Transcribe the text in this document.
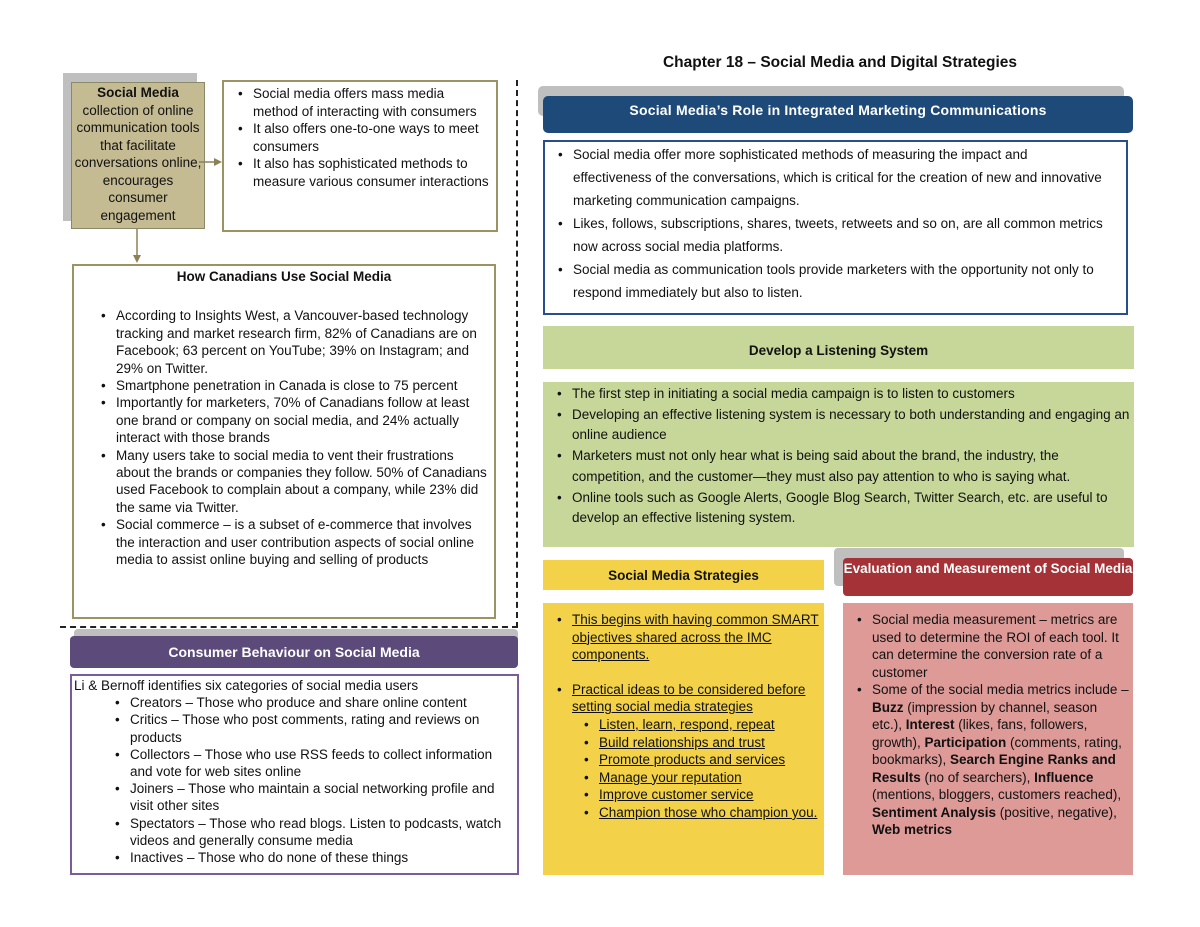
Chapter 18 – Social Media and Digital Strategies
Social Media
collection of online communication tools that facilitate conversations online, encourages consumer engagement
• Social media offers mass media method of interacting with consumers
• It also offers one-to-one ways to meet consumers
• It also has sophisticated methods to measure various consumer interactions
How Canadians Use Social Media
• According to Insights West, a Vancouver-based technology tracking and market research firm, 82% of Canadians are on Facebook; 63 percent on YouTube; 39% on Instagram; and 29% on Twitter.
• Smartphone penetration in Canada is close to 75 percent
• Importantly for marketers, 70% of Canadians follow at least one brand or company on social media, and 24% actually interact with those brands
• Many users take to social media to vent their frustrations about the brands or companies they follow. 50% of Canadians used Facebook to complain about a company, while 23% did the same via Twitter.
• Social commerce – is a subset of e-commerce that involves the interaction and user contribution aspects of social online media to assist online buying and selling of products
Consumer Behaviour on Social Media
Li & Bernoff identifies six categories of social media users
• Creators – Those who produce and share online content
• Critics – Those who post comments, rating and reviews on products
• Collectors – Those who use RSS feeds to collect information and vote for web sites online
• Joiners – Those who maintain a social networking profile and visit other sites
• Spectators – Those who read blogs. Listen to podcasts, watch videos and generally consume media
• Inactives – Those who do none of these things
Social Media’s Role in Integrated Marketing Communications
• Social media offer more sophisticated methods of measuring the impact and effectiveness of the conversations, which is critical for the creation of new and innovative marketing communication campaigns.
• Likes, follows, subscriptions, shares, tweets, retweets and so on, are all common metrics now across social media platforms.
• Social media as communication tools provide marketers with the opportunity not only to respond immediately but also to listen.
Develop a Listening System
• The first step in initiating a social media campaign is to listen to customers
• Developing an effective listening system is necessary to both understanding and engaging an online audience
• Marketers must not only hear what is being said about the brand, the industry, the competition, and the customer—they must also pay attention to who is saying what.
• Online tools such as Google Alerts, Google Blog Search, Twitter Search, etc. are useful to develop an effective listening system.
Social Media Strategies
• This begins with having common SMART objectives shared across the IMC components.
• Practical ideas to be considered before setting social media strategies
• Listen, learn, respond, repeat
• Build relationships and trust
• Promote products and services
• Manage your reputation
• Improve customer service
• Champion those who champion you.
Evaluation and Measurement of Social Media
• Social media measurement – metrics are used to determine the ROI of each tool. It can determine the conversion rate of a customer
• Some of the social media metrics include – Buzz (impression by channel, season etc.), Interest (likes, fans, followers, growth), Participation (comments, rating, bookmarks), Search Engine Ranks and Results (no of searchers), Influence (mentions, bloggers, customers reached), Sentiment Analysis (positive, negative), Web metrics
